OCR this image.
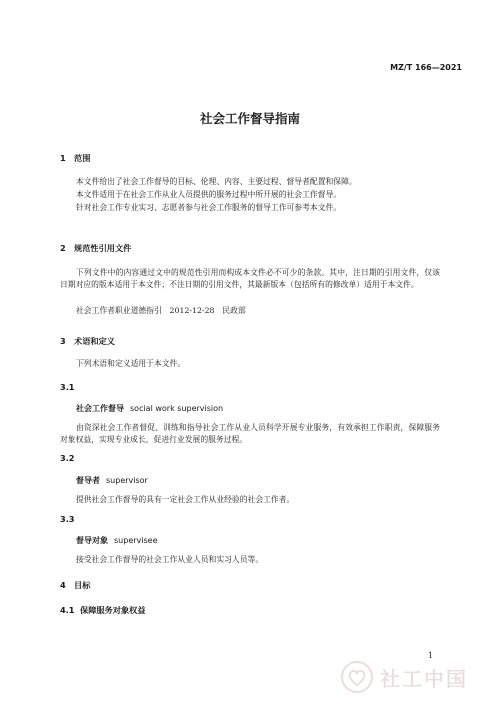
MZ/T 166—2021
社会工作督导指南
1 范围
本文件给出了社会工作督导的目标、伦理、内容、主要过程、督导者配置和保障。
本文件适用于在社会工作从业人员提供的服务过程中所开展的社会工作督导。
针对社会工作专业实习、志愿者参与社会工作服务的督导工作可参考本文件。
2 规范性引用文件
下列文件中的内容通过文中的规范性引用而构成本文件必不可少的条款。其中，注日期的引用文件，仅该日期对应的版本适用于本文件；不注日期的引用文件，其最新版本（包括所有的修改单）适用于本文件。
社会工作者职业道德指引　2012-12-28　民政部
3 术语和定义
下列术语和定义适用于本文件。
3.1
社会工作督导 social work supervision
由资深社会工作者督促、训练和指导社会工作从业人员科学开展专业服务，有效承担工作职责，保障服务对象权益，实现专业成长，促进行业发展的服务过程。
3.2
督导者 supervisor
提供社会工作督导的具有一定社会工作从业经验的社会工作者。
3.3
督导对象 supervisee
接受社会工作督导的社会工作从业人员和实习人员等。
4 目标
4.1 保障服务对象权益
1
社工中国
